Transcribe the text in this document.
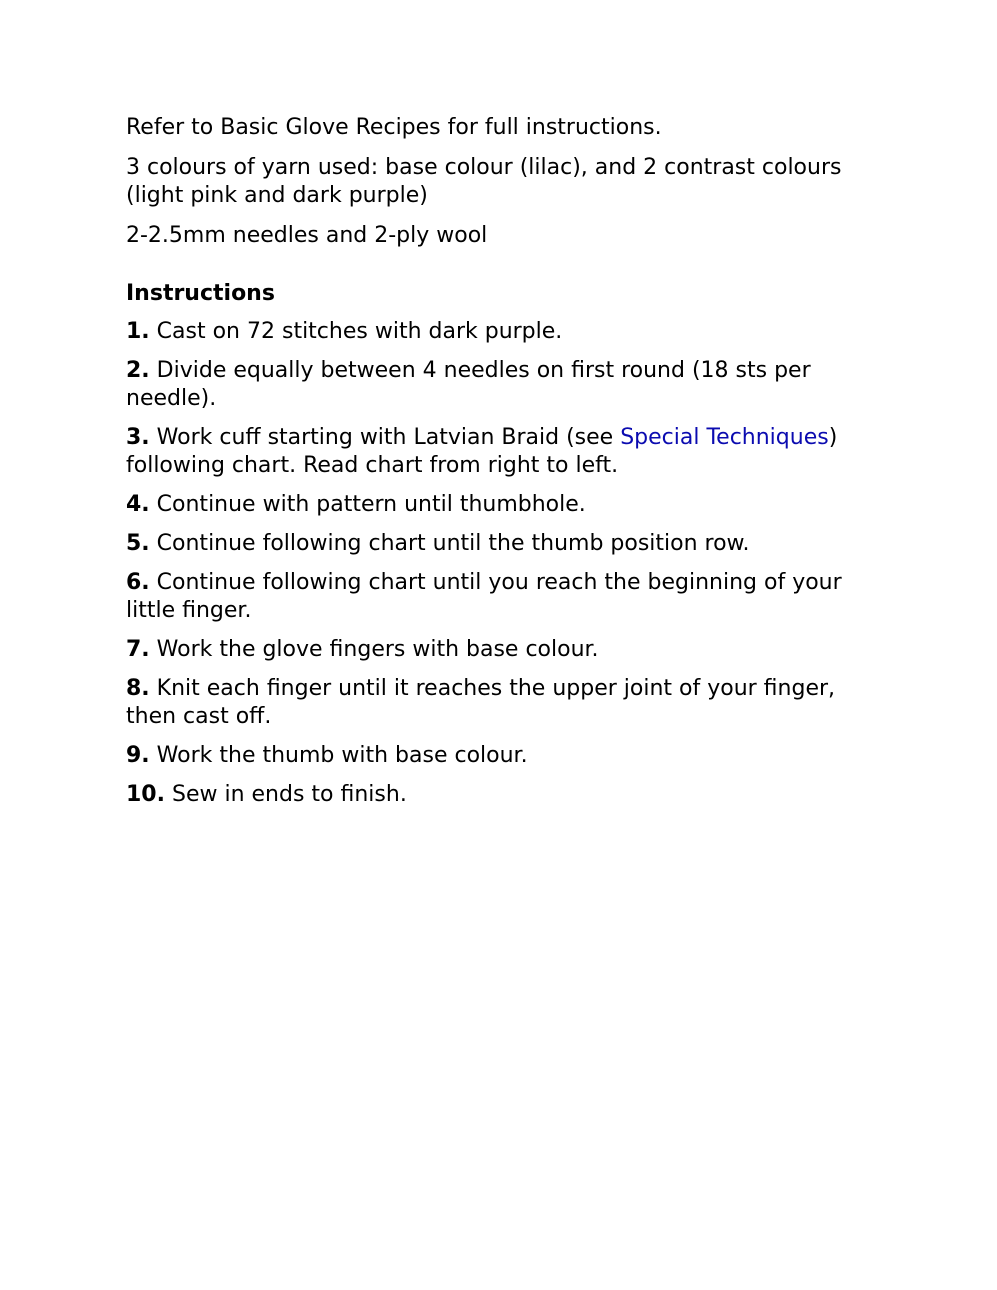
Refer to Basic Glove Recipes for full instructions.

3 colours of yarn used: base colour (lilac), and 2 contrast colours (light pink and dark purple)

2-2.5mm needles and 2-ply wool

Instructions

1. Cast on 72 stitches with dark purple.

2. Divide equally between 4 needles on first round (18 sts per needle).

3. Work cuff starting with Latvian Braid (see Special Techniques) following chart. Read chart from right to left.

4. Continue with pattern until thumbhole.

5. Continue following chart until the thumb position row.

6. Continue following chart until you reach the beginning of your little finger.

7. Work the glove fingers with base colour.

8. Knit each finger until it reaches the upper joint of your finger, then cast off.

9. Work the thumb with base colour.

10. Sew in ends to finish.
